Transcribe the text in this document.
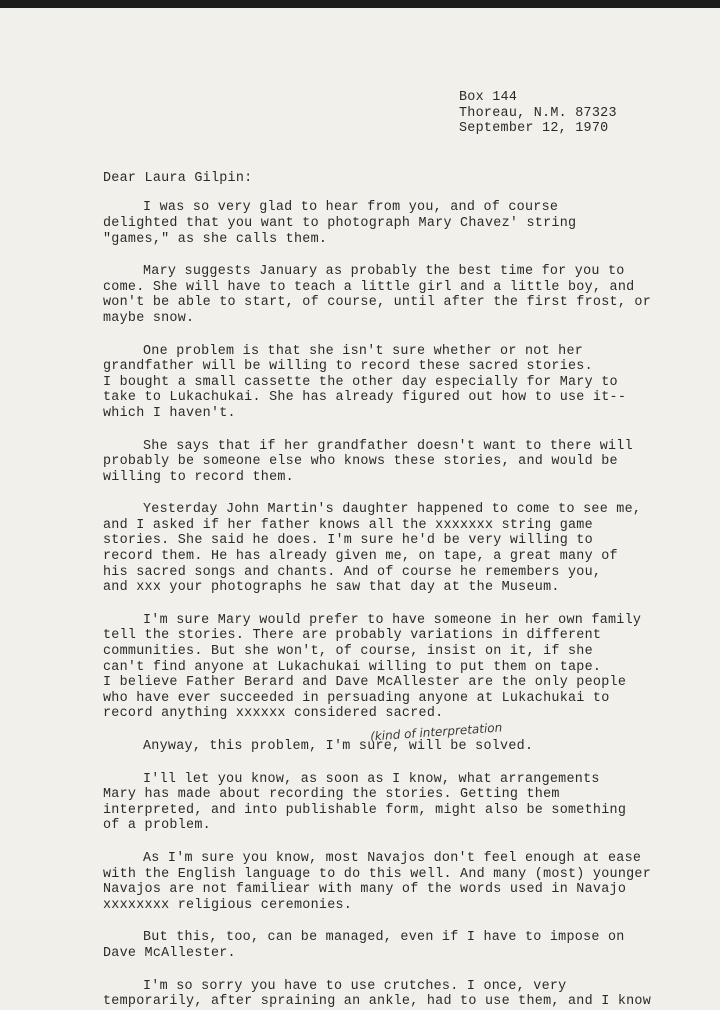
Box 144
Thoreau, N.M. 87323
September 12, 1970
Dear Laura Gilpin:
I was so very glad to hear from you, and of course
delighted that you want to photograph Mary Chavez' string
"games," as she calls them.
Mary suggests January as probably the best time for you to
come. She will have to teach a little girl and a little boy, and
won't be able to start, of course, until after the first frost, or
maybe snow.
One problem is that she isn't sure whether or not her
grandfather will be willing to record these sacred stories.
I bought a small cassette the other day especially for Mary to
take to Lukachukai. She has already figured out how to use it--
which I haven't.
She says that if her grandfather doesn't want to there will
probably be someone else who knows these stories, and would be
willing to record them.
Yesterday John Martin's daughter happened to come to see me,
and I asked if her father knows all the xxxxxxx string game
stories. She said he does. I'm sure he'd be very willing to
record them. He has already given me, on tape, a great many of
his sacred songs and chants. And of course he remembers you,
and xxx your photographs he saw that day at the Museum.
I'm sure Mary would prefer to have someone in her own family
tell the stories. There are probably variations in different
communities. But she won't, of course, insist on it, if she
can't find anyone at Lukachukai willing to put them on tape.
I believe Father Berard and Dave McAllester are the only people
who have ever succeeded in persuading anyone at Lukachukai to
record anything xxxxxx considered sacred.
Anyway, this problem, I'm sure, will be solved.
I'll let you know, as soon as I know, what arrangements
Mary has made about recording the stories. Getting them
interpreted, and into publishable form, might also be something
of a problem.
As I'm sure you know, most Navajos don't feel enough at ease
with the English language to do this well. And many (most) younger
Navajos are not familiear with many of the words used in Navajo
xxxxxxxx religious ceremonies.
But this, too, can be managed, even if I have to impose on
Dave McAllester.
I'm so sorry you have to use crutches. I once, very
temporarily, after spraining an ankle, had to use them, and I know
(kind of interpretation
